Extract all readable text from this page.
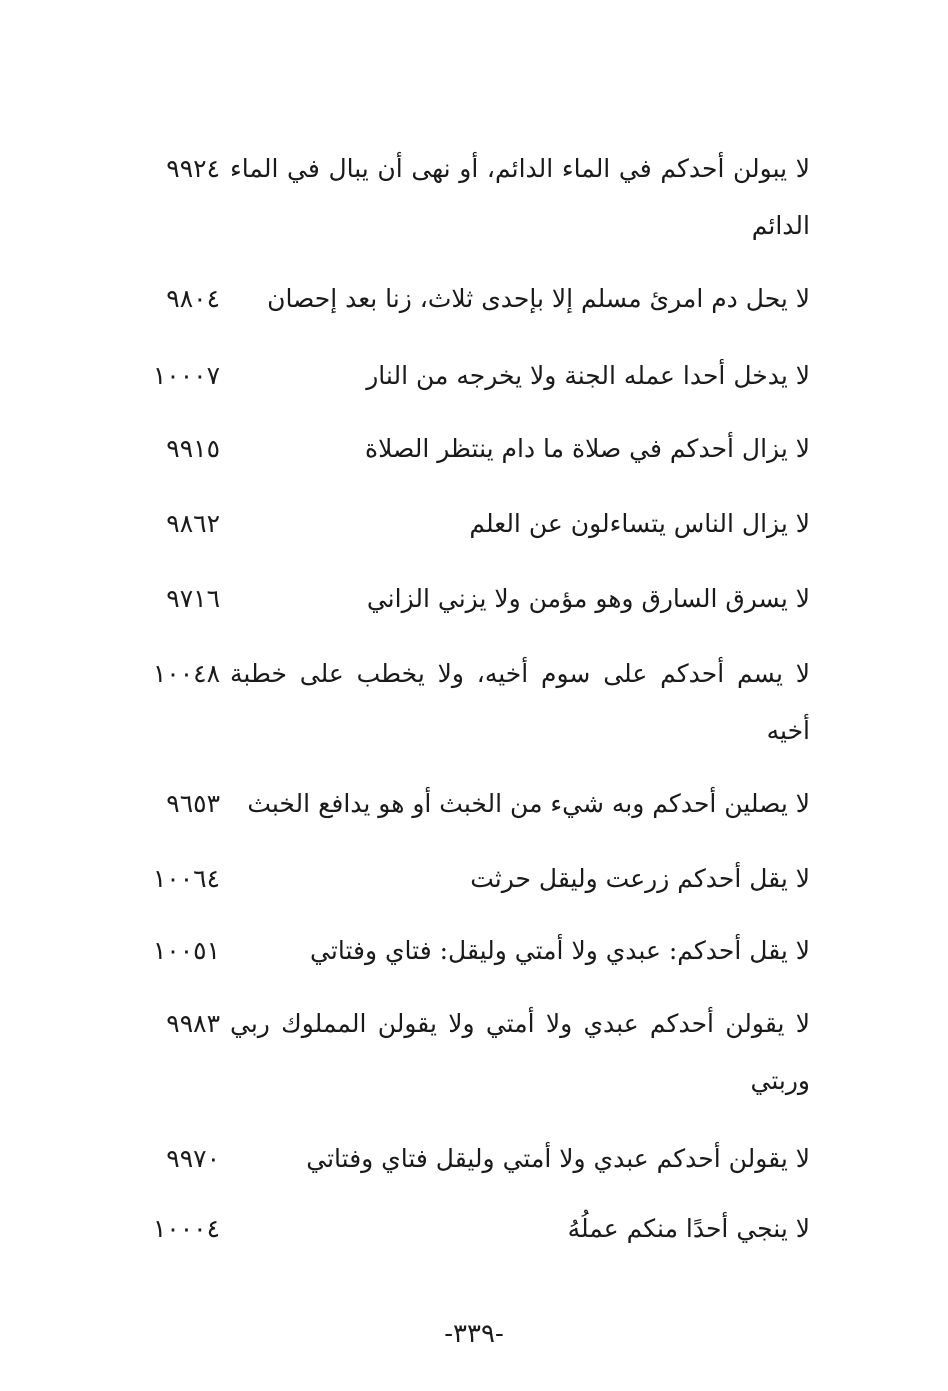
لا يبولن أحدكم في الماء الدائم، أو نهى أن يبال في الماء الدائم
٩٩٢٤
لا يحل دم امرئ مسلم إلا بإحدى ثلاث، زنا بعد إحصان
٩٨٠٤
لا يدخل أحدا عمله الجنة ولا يخرجه من النار
١٠٠٠٧
لا يزال أحدكم في صلاة ما دام ينتظر الصلاة
٩٩١٥
لا يزال الناس يتساءلون عن العلم
٩٨٦٢
لا يسرق السارق وهو مؤمن ولا يزني الزاني
٩٧١٦
لا يسم أحدكم على سوم أخيه، ولا يخطب على خطبة أخيه
١٠٠٤٨
لا يصلين أحدكم وبه شيء من الخبث أو هو يدافع الخبث
٩٦٥٣
لا يقل أحدكم زرعت وليقل حرثت
١٠٠٦٤
لا يقل أحدكم: عبدي ولا أمتي وليقل: فتاي وفتاتي
١٠٠٥١
لا يقولن أحدكم عبدي ولا أمتي ولا يقولن المملوك ربي وربتي
٩٩٨٣
لا يقولن أحدكم عبدي ولا أمتي وليقل فتاي وفتاتي
٩٩٧٠
لا ينجي أحدًا منكم عملُهُ
١٠٠٠٤
-٣٣٩-
